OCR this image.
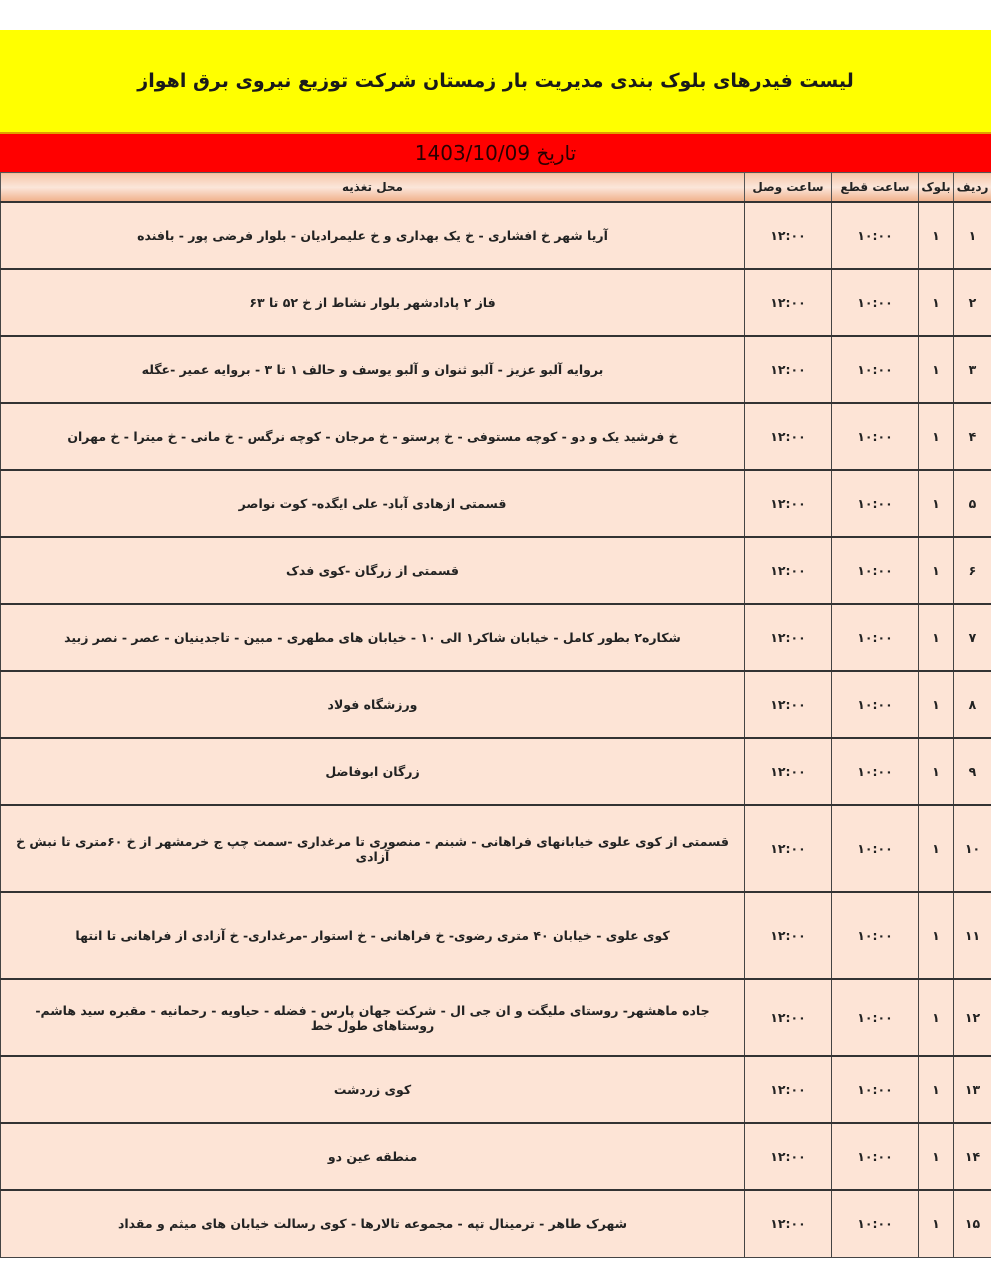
لیست فیدرهای بلوک بندی مدیریت بار زمستان شرکت توزیع نیروی برق اهواز
تاریخ 1403/10/09
ردیف	بلوک	ساعت قطع	ساعت وصل	محل تغذیه
۱	۱	۱۰:۰۰	۱۲:۰۰	آریا شهر خ افشاری - خ یک بهداری و خ علیمرادیان - بلوار فرضی پور - بافنده
۲	۱	۱۰:۰۰	۱۲:۰۰	فاز ۲ پادادشهر بلوار نشاط از خ ۵۲ تا ۶۳
۳	۱	۱۰:۰۰	۱۲:۰۰	بروایه آلبو عزیز - آلبو ثنوان و آلبو یوسف و حالف ۱ تا ۳ - بروایه عمیر -عگله
۴	۱	۱۰:۰۰	۱۲:۰۰	خ فرشید یک و دو - کوچه مستوفی - خ پرستو - خ مرجان - کوچه نرگس - خ مانی - خ میترا - خ مهران
۵	۱	۱۰:۰۰	۱۲:۰۰	قسمتی ازهادی آباد- علی ایگده- کوت نواصر
۶	۱	۱۰:۰۰	۱۲:۰۰	قسمتی از زرگان -کوی فدک
۷	۱	۱۰:۰۰	۱۲:۰۰	شکاره۲ بطور کامل - خیابان شاکر۱ الی ۱۰ - خیابان های مطهری - مبین - تاجدینیان - عصر - نصر زبید
۸	۱	۱۰:۰۰	۱۲:۰۰	ورزشگاه فولاد
۹	۱	۱۰:۰۰	۱۲:۰۰	زرگان ابوفاضل
۱۰	۱	۱۰:۰۰	۱۲:۰۰	قسمتی از کوی علوی خیابانهای فراهانی - شبنم - منصوری تا مرغداری -سمت چپ ج خرمشهر از خ ۶۰متری تا نبش خ آزادی
۱۱	۱	۱۰:۰۰	۱۲:۰۰	کوی علوی - خیابان ۴۰ متری رضوی- خ فراهانی - خ استوار -مرغداری- خ آزادی از فراهانی تا انتها
۱۲	۱	۱۰:۰۰	۱۲:۰۰	جاده ماهشهر- روستای ملیگت و ان جی ال - شرکت جهان پارس - فضله - حیاویه - رحمانیه - مقبره سید هاشم- روستاهای طول خط
۱۳	۱	۱۰:۰۰	۱۲:۰۰	کوی زردشت
۱۴	۱	۱۰:۰۰	۱۲:۰۰	منطقه عین دو
۱۵	۱	۱۰:۰۰	۱۲:۰۰	شهرک طاهر - ترمینال تپه - مجموعه تالارها - کوی رسالت خیابان های میثم و مقداد
